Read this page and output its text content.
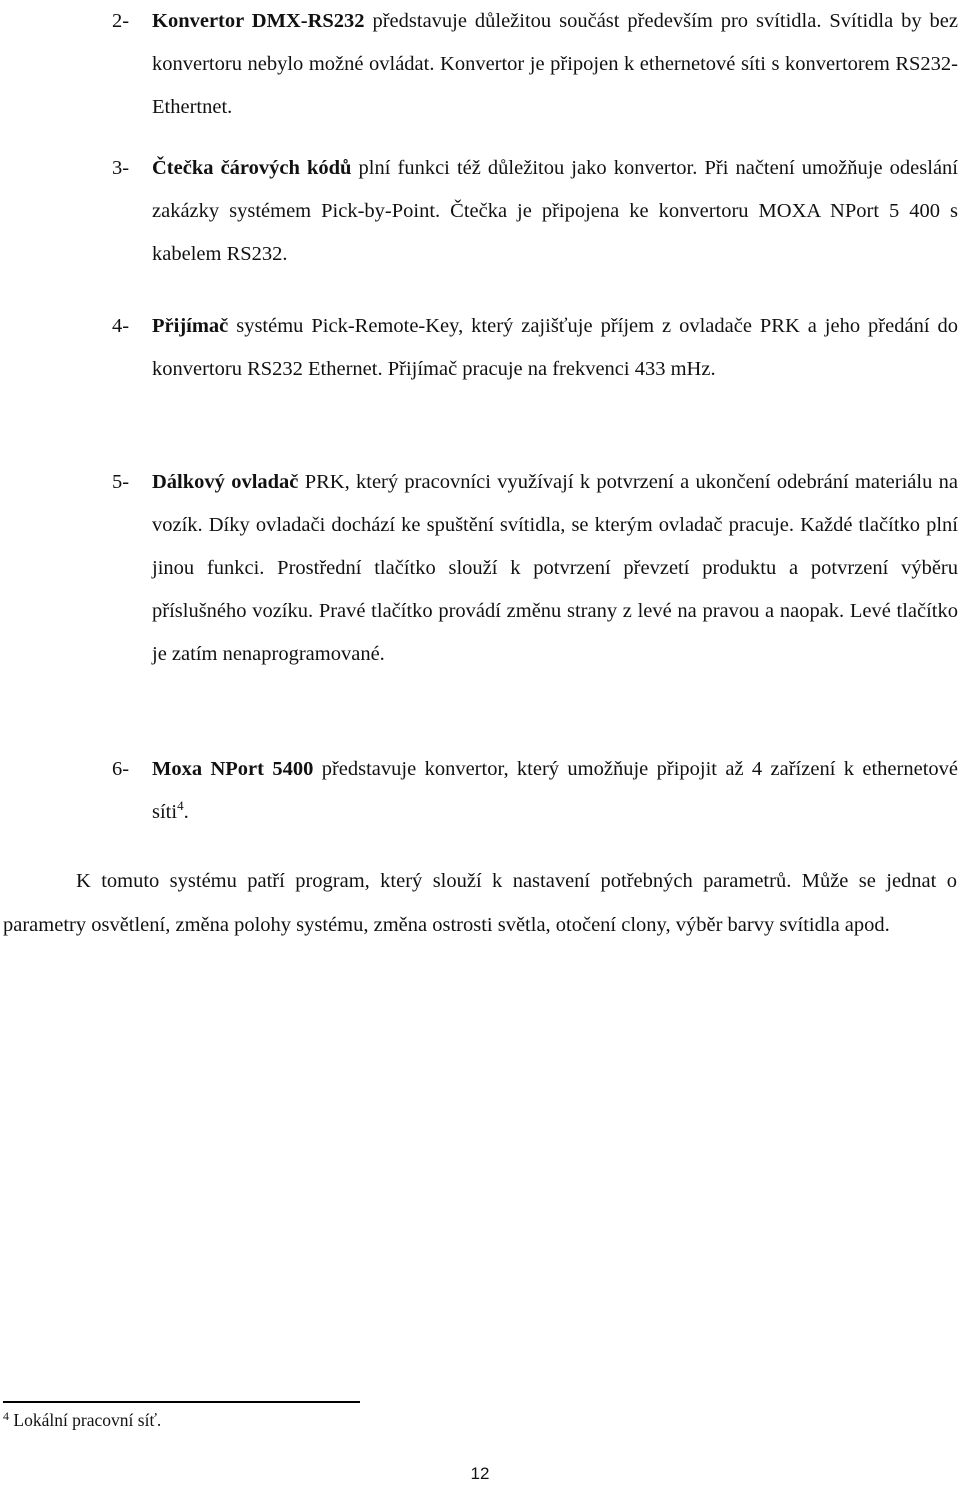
2-	Konvertor DMX-RS232 představuje důležitou součást především pro svítidla. Svítidla by bez konvertoru nebylo možné ovládat. Konvertor je připojen k ethernetové síti s konvertorem RS232-Ethertnet.
3-	Čtečka čárových kódů plní funkci též důležitou jako konvertor. Při načtení umožňuje odeslání zakázky systémem Pick-by-Point. Čtečka je připojena ke konvertoru MOXA NPort 5 400 s kabelem RS232.
4-	Přijímač systému Pick-Remote-Key, který zajišťuje příjem z ovladače PRK a jeho předání do konvertoru RS232 Ethernet. Přijímač pracuje na frekvenci 433 mHz.
5-	Dálkový ovladač PRK, který pracovníci využívají k potvrzení a ukončení odebrání materiálu na vozík. Díky ovladači dochází ke spuštění svítidla, se kterým ovladač pracuje. Každé tlačítko plní jinou funkci. Prostřední tlačítko slouží k potvrzení převzetí produktu a potvrzení výběru příslušného vozíku. Pravé tlačítko provádí změnu strany z levé na pravou a naopak. Levé tlačítko je zatím nenaprogramované.
6-	Moxa NPort 5400 představuje konvertor, který umožňuje připojit až 4 zařízení k ethernetové síti$^4$.
K tomuto systému patří program, který slouží k nastavení potřebných parametrů. Může se jednat o parametry osvětlení, změna polohy systému, změna ostrosti světla, otočení clony, výběr barvy svítidla apod.
$^4$ Lokální pracovní síť.
12
